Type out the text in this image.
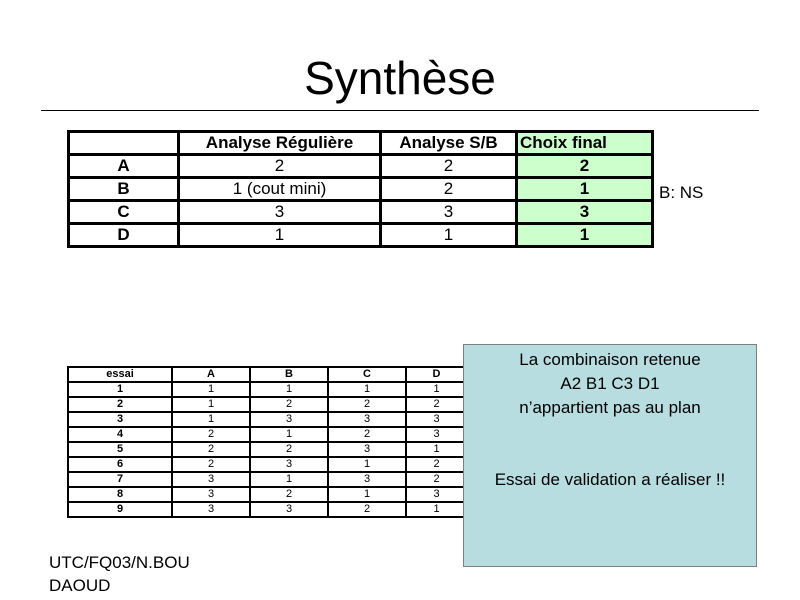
Synthèse
	Analyse Régulière	Analyse S/B	Choix final
A	2	2	2
B	1 (cout mini)	2	1
C	3	3	3
D	1	1	1
B: NS
essai	A	B	C	D	
1	1	1	1	1	
2	1	2	2	2	
3	1	3	3	3	
4	2	1	2	3	
5	2	2	3	1	
6	2	3	1	2	
7	3	1	3	2	
8	3	2	1	3	
9	3	3	2	1	
La combinaison retenue
A2 B1 C3 D1
n’appartient pas au plan
Essai de validation a réaliser !!
UTC/FQ03/N.BOU
DAOUD
